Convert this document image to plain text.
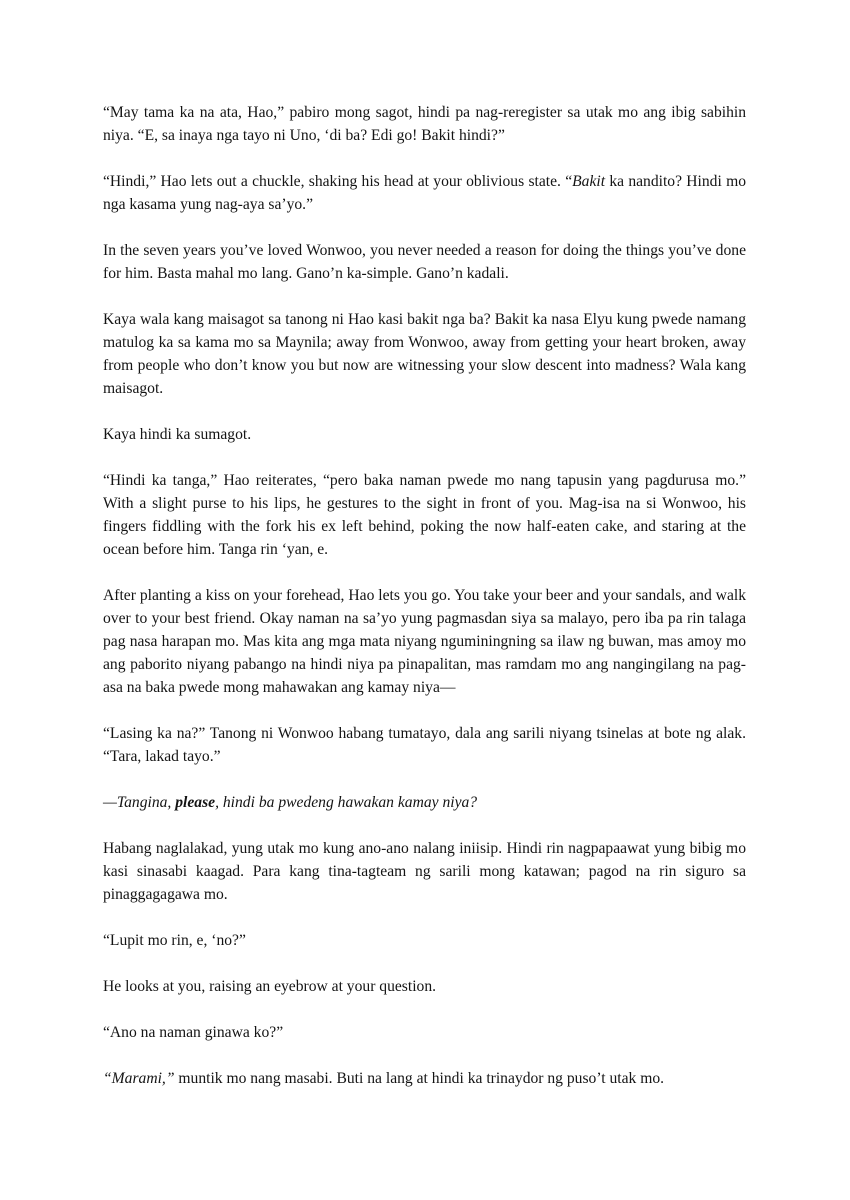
“May tama ka na ata, Hao,” pabiro mong sagot, hindi pa nag-reregister sa utak mo ang ibig sabihin niya. “E, sa inaya nga tayo ni Uno, ‘di ba? Edi go! Bakit hindi?”

“Hindi,” Hao lets out a chuckle, shaking his head at your oblivious state. “Bakit ka nandito? Hindi mo nga kasama yung nag-aya sa’yo.”

In the seven years you’ve loved Wonwoo, you never needed a reason for doing the things you’ve done for him. Basta mahal mo lang. Gano’n ka-simple. Gano’n kadali.

Kaya wala kang maisagot sa tanong ni Hao kasi bakit nga ba? Bakit ka nasa Elyu kung pwede namang matulog ka sa kama mo sa Maynila; away from Wonwoo, away from getting your heart broken, away from people who don’t know you but now are witnessing your slow descent into madness? Wala kang maisagot.

Kaya hindi ka sumagot.

“Hindi ka tanga,” Hao reiterates, “pero baka naman pwede mo nang tapusin yang pagdurusa mo.” With a slight purse to his lips, he gestures to the sight in front of you. Mag-isa na si Wonwoo, his fingers fiddling with the fork his ex left behind, poking the now half-eaten cake, and staring at the ocean before him. Tanga rin ‘yan, e.

After planting a kiss on your forehead, Hao lets you go. You take your beer and your sandals, and walk over to your best friend. Okay naman na sa’yo yung pagmasdan siya sa malayo, pero iba pa rin talaga pag nasa harapan mo. Mas kita ang mga mata niyang nguminingning sa ilaw ng buwan, mas amoy mo ang paborito niyang pabango na hindi niya pa pinapalitan, mas ramdam mo ang nangingilang na pag-asa na baka pwede mong mahawakan ang kamay niya—

“Lasing ka na?” Tanong ni Wonwoo habang tumatayo, dala ang sarili niyang tsinelas at bote ng alak. “Tara, lakad tayo.”

—Tangina, please, hindi ba pwedeng hawakan kamay niya?

Habang naglalakad, yung utak mo kung ano-ano nalang iniisip. Hindi rin nagpapaawat yung bibig mo kasi sinasabi kaagad. Para kang tina-tagteam ng sarili mong katawan; pagod na rin siguro sa pinaggagagawa mo.

“Lupit mo rin, e, ‘no?”

He looks at you, raising an eyebrow at your question.

“Ano na naman ginawa ko?”

“Marami,” muntik mo nang masabi. Buti na lang at hindi ka trinaydor ng puso’t utak mo.
